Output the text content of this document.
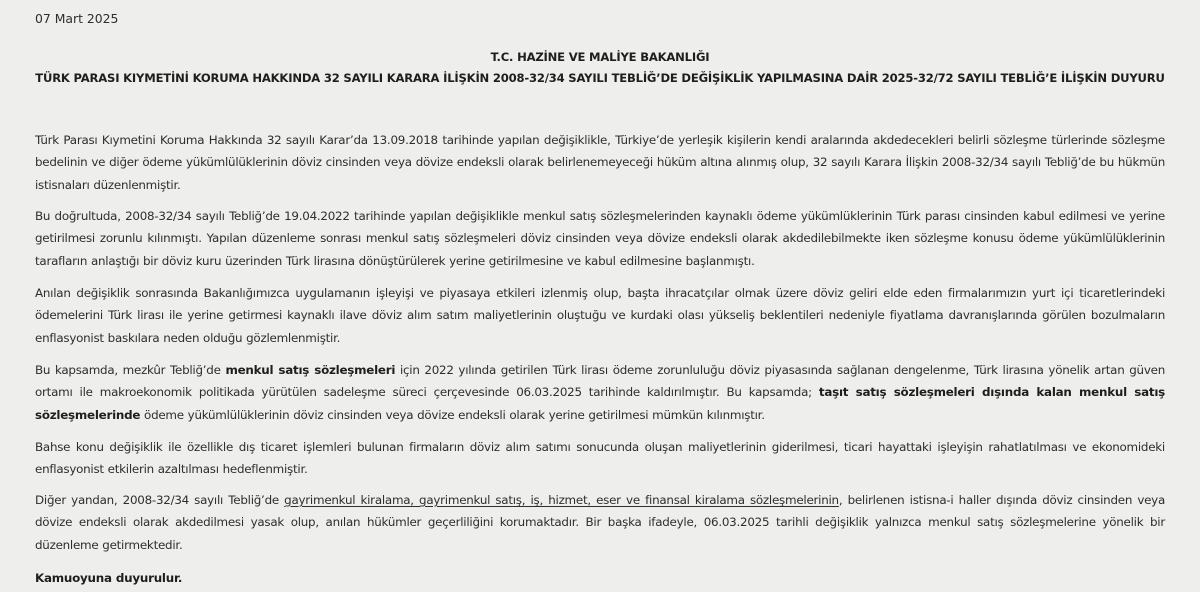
07 Mart 2025
T.C. HAZİNE VE MALİYE BAKANLIĞI
TÜRK PARASI KIYMETİNİ KORUMA HAKKINDA 32 SAYILI KARARA İLİŞKİN 2008-32/34 SAYILI TEBLİĞ’DE DEĞİŞİKLİK YAPILMASINA DAİR 2025-32/72 SAYILI TEBLİĞ’E İLİŞKİN DUYURU

Türk Parası Kıymetini Koruma Hakkında 32 sayılı Karar’da 13.09.2018 tarihinde yapılan değişiklikle, Türkiye’de yerleşik kişilerin kendi aralarında akdedecekleri belirli sözleşme türlerinde sözleşme bedelinin ve diğer ödeme yükümlülüklerinin döviz cinsinden veya dövize endeksli olarak belirlenemeyeceği hüküm altına alınmış olup, 32 sayılı Karara İlişkin 2008-32/34 sayılı Tebliğ’de bu hükmün istisnaları düzenlenmiştir.

Bu doğrultuda, 2008-32/34 sayılı Tebliğ’de 19.04.2022 tarihinde yapılan değişiklikle menkul satış sözleşmelerinden kaynaklı ödeme yükümlüklerinin Türk parası cinsinden kabul edilmesi ve yerine getirilmesi zorunlu kılınmıştı. Yapılan düzenleme sonrası menkul satış sözleşmeleri döviz cinsinden veya dövize endeksli olarak akdedilebilmekte iken sözleşme konusu ödeme yükümlülüklerinin tarafların anlaştığı bir döviz kuru üzerinden Türk lirasına dönüştürülerek yerine getirilmesine ve kabul edilmesine başlanmıştı.

Anılan değişiklik sonrasında Bakanlığımızca uygulamanın işleyişi ve piyasaya etkileri izlenmiş olup, başta ihracatçılar olmak üzere döviz geliri elde eden firmalarımızın yurt içi ticaretlerindeki ödemelerini Türk lirası ile yerine getirmesi kaynaklı ilave döviz alım satım maliyetlerinin oluştuğu ve kurdaki olası yükseliş beklentileri nedeniyle fiyatlama davranışlarında görülen bozulmaların enflasyonist baskılara neden olduğu gözlemlenmiştir.

Bu kapsamda, mezkûr Tebliğ’de menkul satış sözleşmeleri için 2022 yılında getirilen Türk lirası ödeme zorunluluğu döviz piyasasında sağlanan dengelenme, Türk lirasına yönelik artan güven ortamı ile makroekonomik politikada yürütülen sadeleşme süreci çerçevesinde 06.03.2025 tarihinde kaldırılmıştır. Bu kapsamda; taşıt satış sözleşmeleri dışında kalan menkul satış sözleşmelerinde ödeme yükümlülüklerinin döviz cinsinden veya dövize endeksli olarak yerine getirilmesi mümkün kılınmıştır.

Bahse konu değişiklik ile özellikle dış ticaret işlemleri bulunan firmaların döviz alım satımı sonucunda oluşan maliyetlerinin giderilmesi, ticari hayattaki işleyişin rahatlatılması ve ekonomideki enflasyonist etkilerin azaltılması hedeflenmiştir.

Diğer yandan, 2008-32/34 sayılı Tebliğ’de gayrimenkul kiralama, gayrimenkul satış, iş, hizmet, eser ve finansal kiralama sözleşmelerinin, belirlenen istisna-i haller dışında döviz cinsinden veya dövize endeksli olarak akdedilmesi yasak olup, anılan hükümler geçerliliğini korumaktadır. Bir başka ifadeyle, 06.03.2025 tarihli değişiklik yalnızca menkul satış sözleşmelerine yönelik bir düzenleme getirmektedir.

Kamuoyuna duyurulur.
